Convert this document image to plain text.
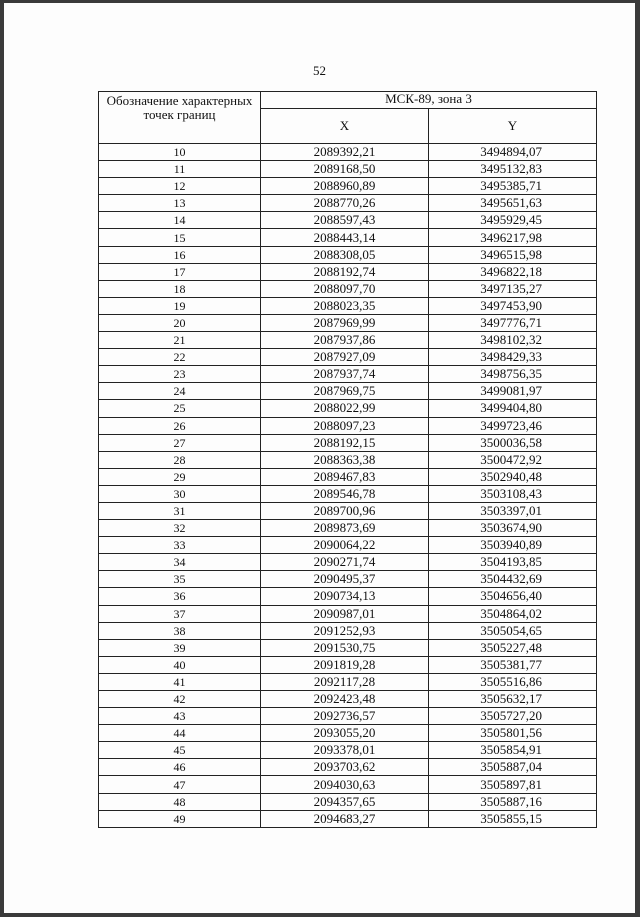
52
Обозначение характерных точек границ	МСК-89, зона 3	
	X	Y
10	2089392,21	3494894,07
11	2089168,50	3495132,83
12	2088960,89	3495385,71
13	2088770,26	3495651,63
14	2088597,43	3495929,45
15	2088443,14	3496217,98
16	2088308,05	3496515,98
17	2088192,74	3496822,18
18	2088097,70	3497135,27
19	2088023,35	3497453,90
20	2087969,99	3497776,71
21	2087937,86	3498102,32
22	2087927,09	3498429,33
23	2087937,74	3498756,35
24	2087969,75	3499081,97
25	2088022,99	3499404,80
26	2088097,23	3499723,46
27	2088192,15	3500036,58
28	2088363,38	3500472,92
29	2089467,83	3502940,48
30	2089546,78	3503108,43
31	2089700,96	3503397,01
32	2089873,69	3503674,90
33	2090064,22	3503940,89
34	2090271,74	3504193,85
35	2090495,37	3504432,69
36	2090734,13	3504656,40
37	2090987,01	3504864,02
38	2091252,93	3505054,65
39	2091530,75	3505227,48
40	2091819,28	3505381,77
41	2092117,28	3505516,86
42	2092423,48	3505632,17
43	2092736,57	3505727,20
44	2093055,20	3505801,56
45	2093378,01	3505854,91
46	2093703,62	3505887,04
47	2094030,63	3505897,81
48	2094357,65	3505887,16
49	2094683,27	3505855,15
